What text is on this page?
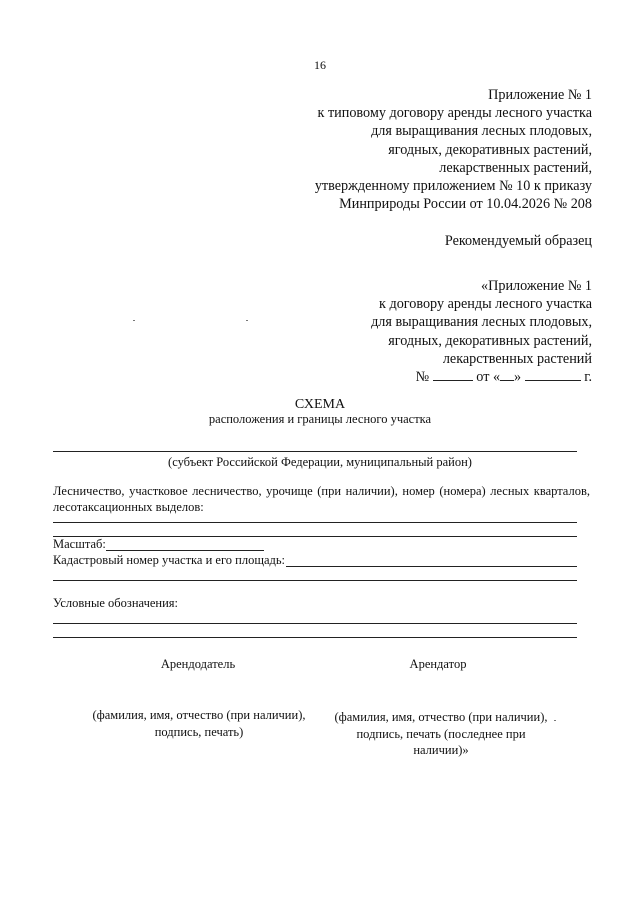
16
Приложение № 1
к типовому договору аренды лесного участка
для выращивания лесных плодовых,
ягодных, декоративных растений,
лекарственных растений,
утвержденному приложением № 10 к приказу
Минприроды России от 10.04.2026 № 208
Рекомендуемый образец
«Приложение № 1
к договору аренды лесного участка
для выращивания лесных плодовых,
ягодных, декоративных растений,
лекарственных растений
№	от « »	г.
СХЕМА
расположения и границы лесного участка
(субъект Российской Федерации, муниципальный район)
Лесничество, участковое лесничество, урочище (при наличии), номер (номера) лесных кварталов, лесотаксационных выделов:
Масштаб:
Кадастровый номер участка и его площадь:
Условные обозначения:
Арендодатель	Арендатор
(фамилия, имя, отчество (при наличии), подпись, печать)
(фамилия, имя, отчество (при наличии), подпись, печать (последнее при наличии)»
